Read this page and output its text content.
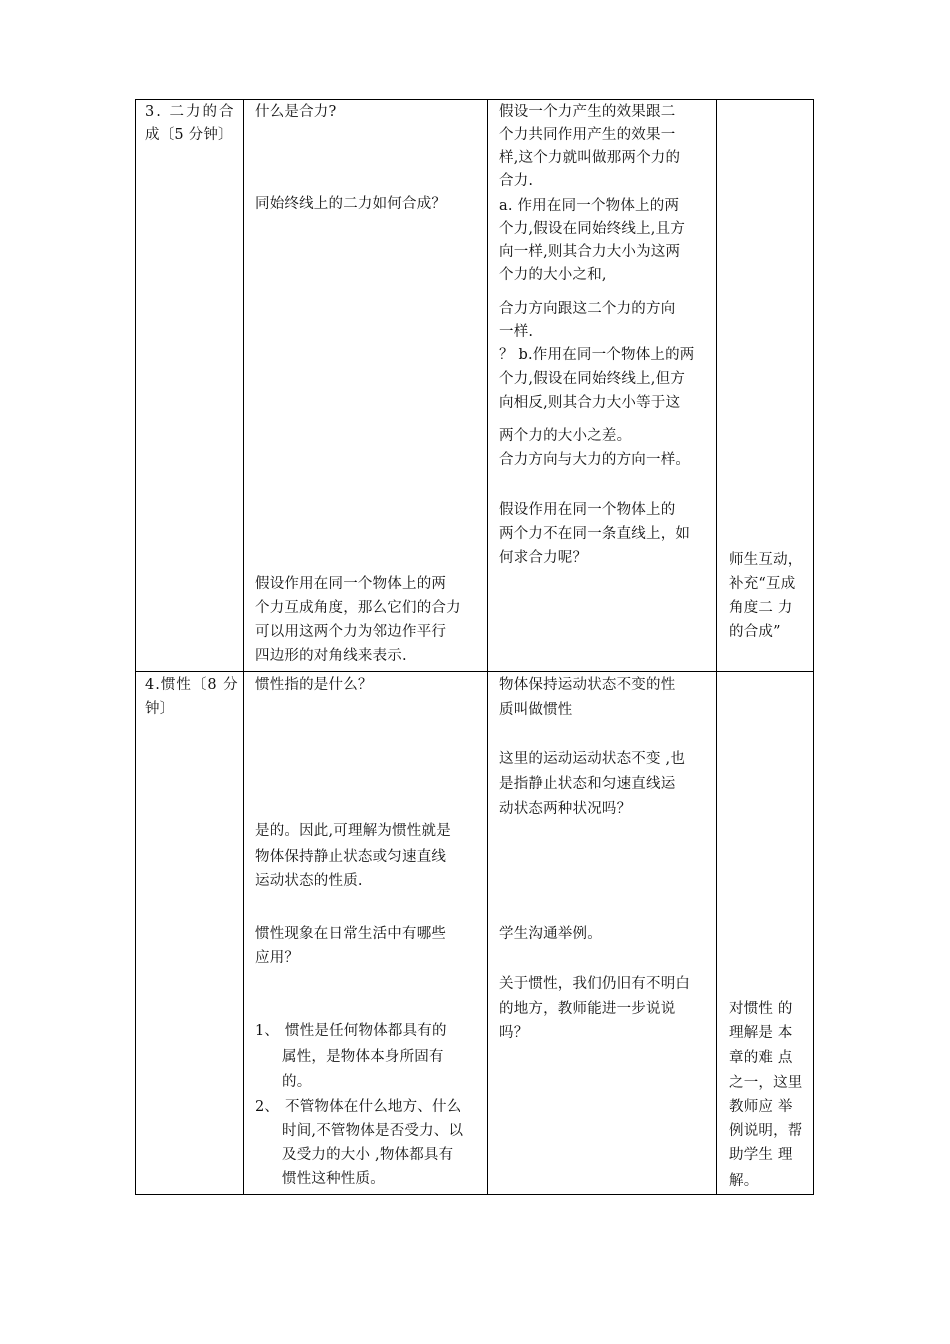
3. 二力的合
成〔5 分钟〕
什么是合力?
同始终线上的二力如何合成？
假设作用在同一个物体上的两
个力互成角度，那么它们的合力
可以用这两个力为邻边作平行
四边形的对角线来表示.
假设一个力产生的效果跟二
个力共同作用产生的效果一
样,这个力就叫做那两个力的
合力.
a. 作用在同一个物体上的两
个力,假设在同始终线上,且方
向一样,则其合力大小为这两
个力的大小之和,
合力方向跟这二个力的方向
一样.
？ b.作用在同一个物体上的两
个力,假设在同始终线上,但方
向相反,则其合力大小等于这
两个力的大小之差。
合力方向与大力的方向一样。
假设作用在同一个物体上的
两个力不在同一条直线上，如
何求合力呢？	师生互动，
补充“互成
角度二 力
的合成”
4.惯性〔8 分
钟〕
惯性指的是什么？
是的。因此,可理解为惯性就是
物体保持静止状态或匀速直线
运动状态的性质.
惯性现象在日常生活中有哪些
应用？
1、 惯性是任何物体都具有的
属性，是物体本身所固有
的。
2、 不管物体在什么地方、什么
时间,不管物体是否受力、以
及受力的大小 ,物体都具有
惯性这种性质。
物体保持运动状态不变的性
质叫做惯性
这里的运动运动状态不变 ,也
是指静止状态和匀速直线运
动状态两种状况吗？
学生沟通举例。
关于惯性，我们仍旧有不明白
的地方，教师能进一步说说
吗？
对惯性 的
理解是 本
章的难 点
之一，这里
教师应 举
例说明，帮
助学生 理
解。
